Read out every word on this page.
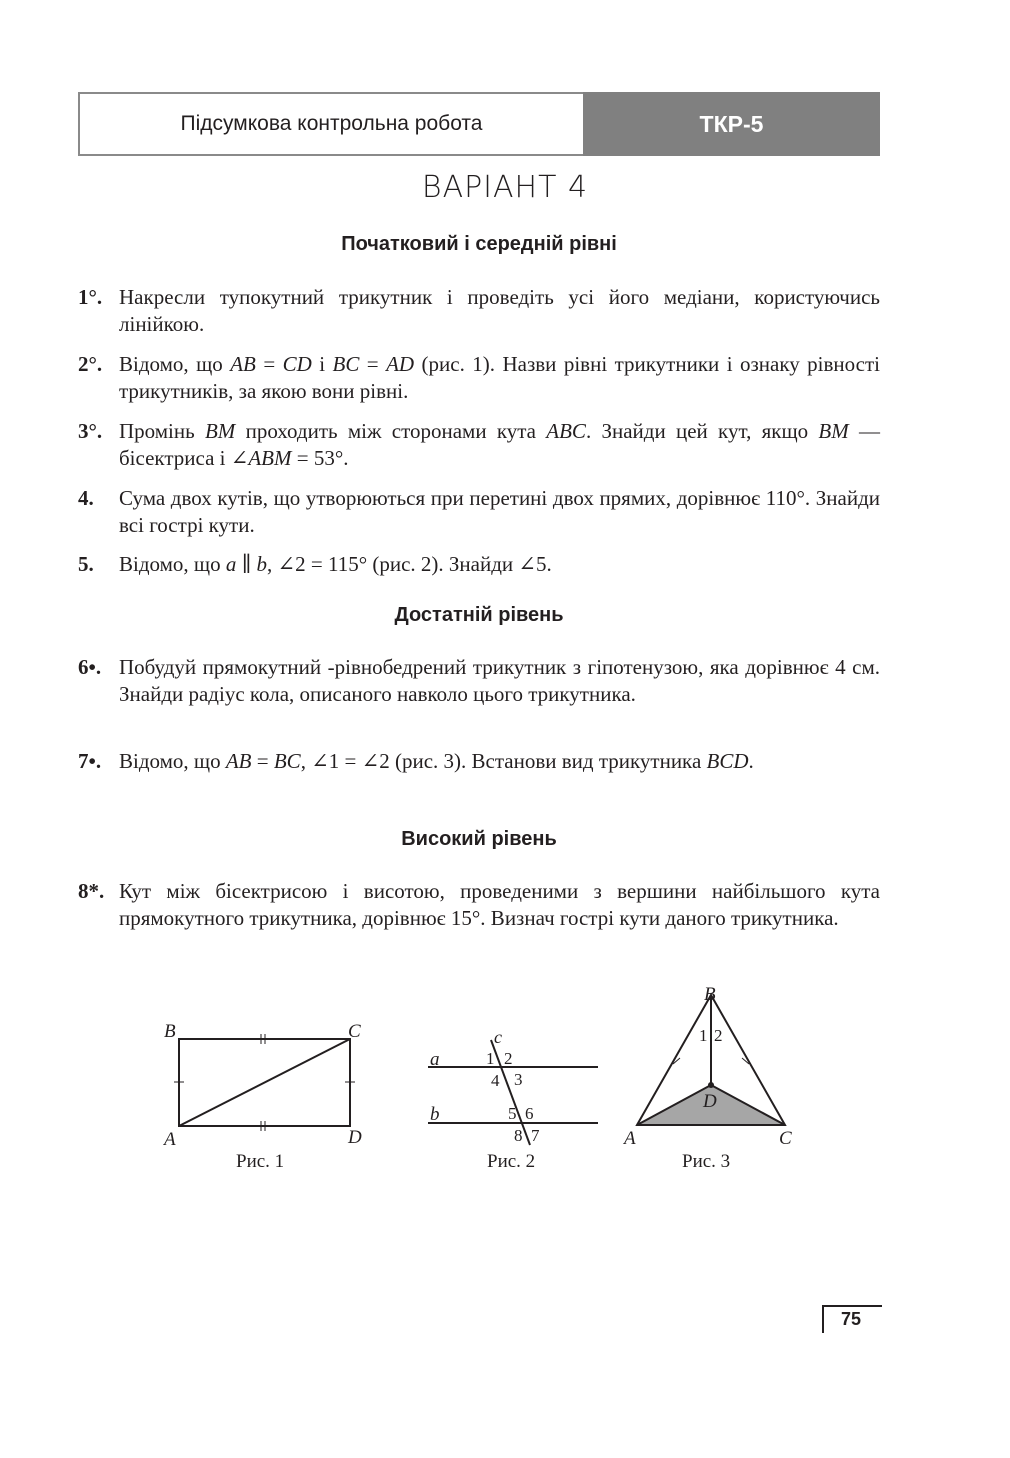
Підсумкова контрольна робота	ТКР-5
ВАРІАНТ 4
Початковий і середній рівні
1°. Накресли тупокутний трикутник і проведіть усі його медіани, користуючись лінійкою.
2°. Відомо, що AB = CD і BC = AD (рис. 1). Назви рівні трикутники і ознаку рівності трикутників, за якою вони рівні.
3°. Промінь BM проходить між сторонами кута ABC. Знайди цей кут, якщо BM — бісектриса і ∠ABM = 53°.
4. Сума двох кутів, що утворюються при перетині двох прямих, дорівнює 110°. Знайди всі гострі кути.
5. Відомо, що a ∥ b, ∠2 = 115° (рис. 2). Знайди ∠5.
Достатній рівень
6•. Побудуй прямокутний -рівнобедрений трикутник з гіпотенузою, яка дорівнює 4 см. Знайди радіус кола, описаного навколо цього трикутника.
7•. Відомо, що AB = BC, ∠1 = ∠2 (рис. 3). Встанови вид трикутника BCD.
Високий рівень
8*. Кут між бісектрисою і висотою, проведеними з вершини найбільшого кута прямокутного трикутника, дорівнює 15°. Визнач гострі кути даного трикутника.
B	C
A	D
Рис. 1
a
b
c
1 2
3
4
5 6
7
8
Рис. 2
B
A	C
D
1 2
Рис. 3
75
